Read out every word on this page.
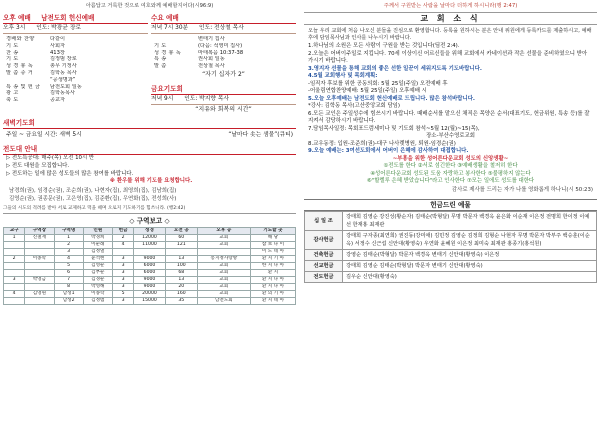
아름답고 거룩한 것으로 여호와께 예배할지어다(시96:9)
오후 예배 남전도회 헌신예배
오후 3시 인도: 박광균 장로
경배와 찬양	다같이
기 도	사회자
찬 송	413장
기 도	김정범 장로
성 경 봉 독	총무 기정사
말 씀 증 거	김학동 목사
“공생명과”
특 송 및 헌 금	남전도회 일동
광 고	김학동목사
축 도	공교자
수요 예배
저녁 7시 30분 인도: 전상철 목사
변태기 집사
기 도	(다음: 석영미 집사)
성 경 봉 독	마태복음 10:37-38
특 송	권사회 일동
말 씀	전상철 목사
“자기 십자가 2”
금요기도회
저녁 9시 인도: 박지향 목사
“지유와 회복의 시간”
새벽기도회
주일 ~ 금요일 시간: 새벽 5시	“날마다 솟는 샘물”(큐티)
전도대 안내
▷ 전도특공대: 매주(목) 오전 10시 반
▷ 전도 대원을 모집합니다.
▷ 전도하는 일에 많은 성도들의 많은 참여를 바랍니다.
※ 환우를 위해 기도를 요청합니다.
남경희(권), 임경순(권), 조순희(권), 나현자(집), 최영희(집), 김남희(집)
김영순(권), 권종문(권), 고은영(집), 김준환(집), 우연화(집), 전성희(사)
그들의 시도의 격려를 받아 서로 교제하고 떡을 떼며 오로지 기도하기를 힘쓰니라. (행2:42)
◇ 구역보고 ◇
교구	구역장	구역명	인원	헌금	성경	오전 공	오후 공	기도할 곳
1	신철재	1	박경희	2	12000	60	교회	해 당
		2	이순례	4	11000	121	교회	참 보 다 이
		3	김정열					이 도 네 아
2	이종학	4	윤석현	3	9000	13	봉지정사랑방	환 지 기 아
		5	김영순	3	6000	100	교회	한 지 나 아
		6	김부순	3	6000	68	교회	환 지
3	박영금	7	김경순	3	9000	13	교회	환 지 나 아
		8	박영해	3	9000	20	교회	환 지 나 아
4	김영원	남성1	이종학	5	20000	160	교회	환 의 기 아
		남성2	김정범	3	15000	35	남전도회	환 지 네 아
주께서 구원받는 사람을 날마다 더하게 하시니라(행 2:47)
교 회 소 식
오늘 우리 교회에 처음 나오신 분들을 진심으로 환영합니다. 등록을 원하시는 분은 안내 위원에게 등록카드를 제출하시고, 예배 후에 담임목사님과 인사를 나누시기 바랍니다.
1.하나님의 소원은 모든 사람이 구원을 받는 것입니다(딤전 2:4).
2.오늘은 어버이주일로 지킵니다. 70세 이상이신 어르신들을 위해 교회에서 카네이션과 작은 선물을 준비하였으니 받아 가시기 바랍니다.
3.영지자 선물을 통해 교회의 좋은 선한 일꾼이 세워지도록 기도바랍니다.
4.5월 교회행사 및 목회계획:
-임직자 후보를 위한 공동의회: 5월 25일(주일) 오전예배 후
-어울림연합찬양예배: 5월 25일(주일) 오후예배 시
5.오늘 오후예배는 남전도회 헌신예배로 드립니다. 많은 참석바랍니다.
*강사: 김학동 목사(고산중앙교회 담임)
6.모든 교인은 주일성수에 힘쓰시기 바랍니다. 때배순서를 맡으신 채직은 목양은 순서(대표기도, 헌금위원, 특송 등)를 잘 지켜서 감당하시기 바랍니다.
7.담임목사일정: 목회포드럼세미나 및 기도회 참석~5월 12(월)~15(목),
장소-부산수영로교회
8.교우동정: 입원-조준희(권)-대구 나사렛병원, 퇴원-임경순(권)
9.오늘 예배는: 3여선도회에서 어버이 은혜에 감사하여 대접합니다.
~부흥을 위한 성어른다운교회 성도의 신앙생활~
①전도를 한다 ②서로 섬긴한다 ③예배생활을 철저히 한다
④성어른다운교회 성도된 도움 자랑하고 봉사한다 ⑤불평하지 않는다
⑥"할렐루 은혜 받았습니다"라고 인사한다 ⑦모는 일에도 성도를 대한다
감사로 제사를 드리는 자가 나를 영화롭게 하나니(시 50:23)
헌금드린 예물
십 일 조	강태희 김영순 강진성(황순자) 김태순(박형달) 무명 박문자 백경옥 윤은화 이순재 이은정 전명희 한이정 이예선 한재홍 최재관
감사헌금	강태희 구자종(최연희) 권진동(강미애) 김민정 김영순 김정희 김형순 나현자 무명 박문자 박부주 백승훈(이순옥) 서정수 신근섭 신안대(황영숙) 우연화 윤혜원 이은정 최미숙 최재관 홍종기(홍석원)
건축헌금	강영순 김태순(박형달) 박문자 백경옥 변태기 신안대(황영숙) 이은정
선교헌금	강태희 김영순 김태순(박형달) 박문자 변태기 신안대(황영숙)
전도헌금	김우순 신안대(황영숙)
